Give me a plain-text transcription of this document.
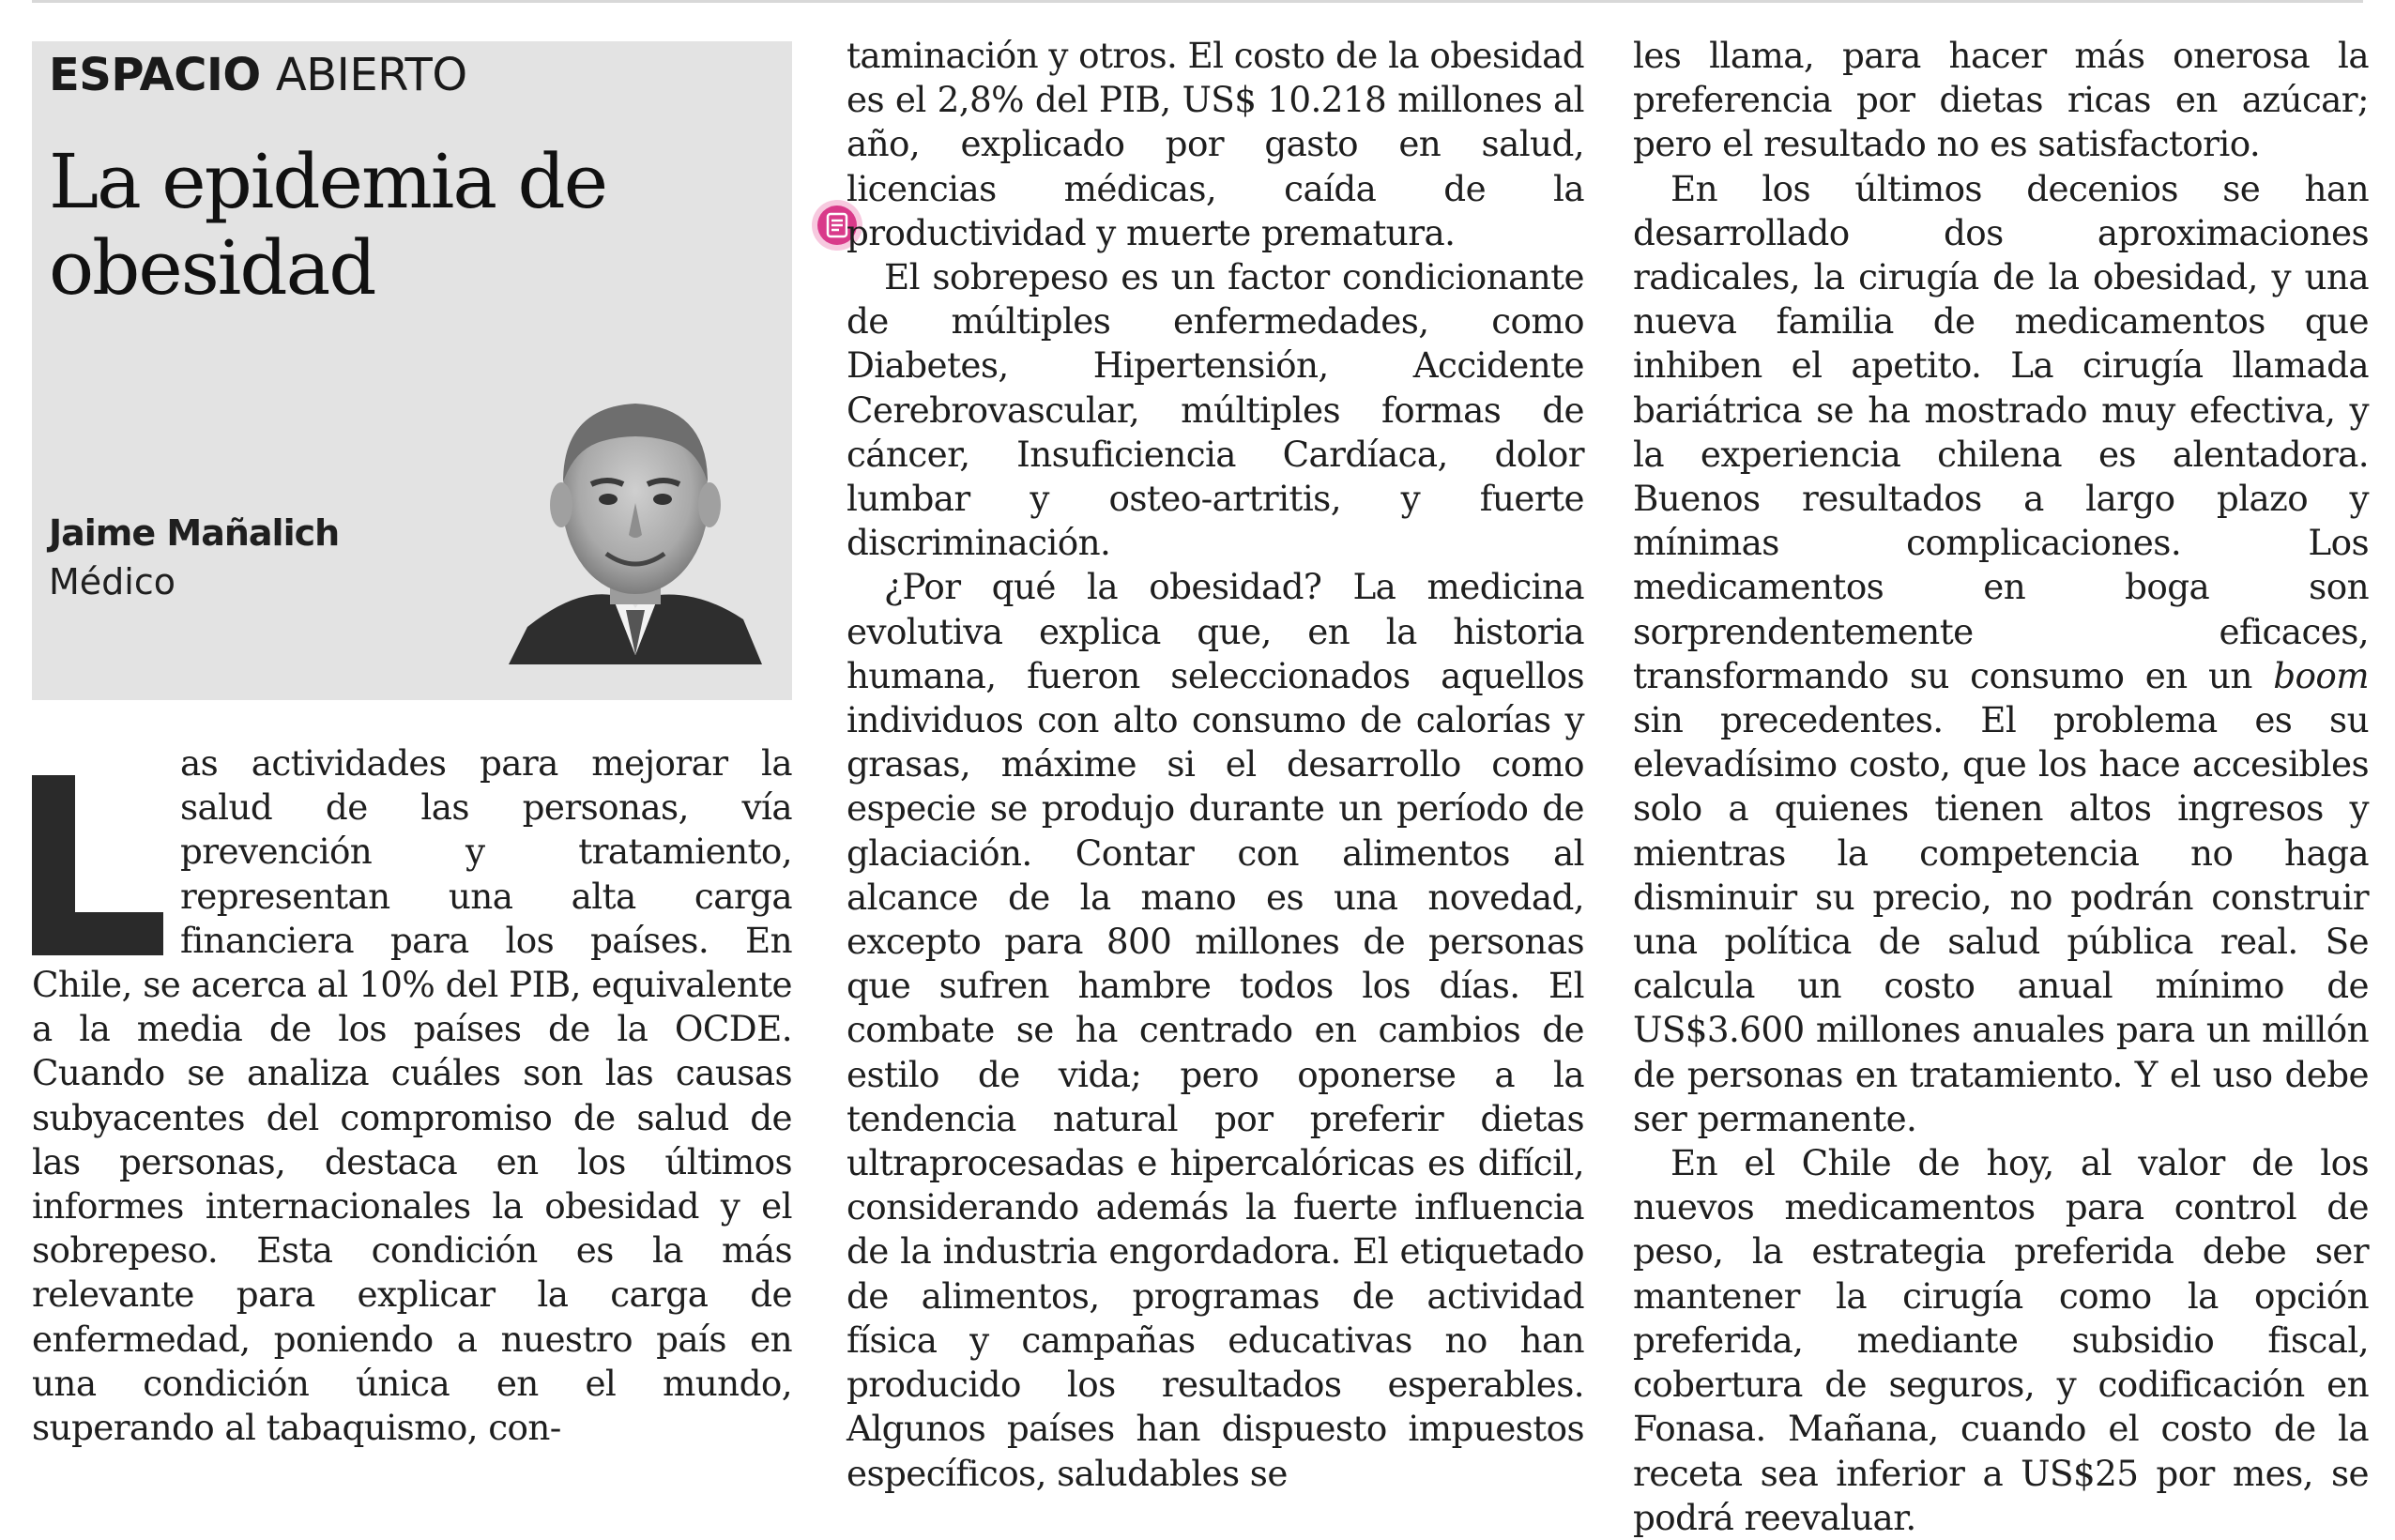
ESPACIO ABIERTO
La epidemia de
obesidad
Jaime Mañalich
Médico

as actividades para mejorar la salud de las personas, vía prevención y tratamiento, representan una alta carga financiera para los países. En Chile, se acerca al 10% del PIB, equivalente a la media de los países de la OCDE. Cuando se analiza cuáles son las causas subyacentes del compromiso de salud de las personas, destaca en los últimos informes internacionales la obesidad y el sobrepeso. Esta condición es la más relevante para explicar la carga de enfermedad, poniendo a nuestro país en una condición única en el mundo, superando al tabaquismo, con-

taminación y otros. El costo de la obesidad es el 2,8% del PIB, US$ 10.218 millones al año, explicado por gasto en salud, licencias médicas, caída de la productividad y muerte prematura.

El sobrepeso es un factor condicionante de múltiples enfermedades, como Diabetes, Hipertensión, Accidente Cerebrovascular, múltiples formas de cáncer, Insuficiencia Cardíaca, dolor lumbar y osteo-artritis, y fuerte discriminación.

¿Por qué la obesidad? La medicina evolutiva explica que, en la historia humana, fueron seleccionados aquellos individuos con alto consumo de calorías y grasas, máxime si el desarrollo como especie se produjo durante un período de glaciación. Contar con alimentos al alcance de la mano es una novedad, excepto para 800 millones de personas que sufren hambre todos los días. El combate se ha centrado en cambios de estilo de vida; pero oponerse a la tendencia natural por preferir dietas ultraprocesadas e hipercalóricas es difícil, considerando además la fuerte influencia de la industria engordadora. El etiquetado de alimentos, programas de actividad física y campañas educativas no han producido los resultados esperables. Algunos países han dispuesto impuestos específicos, saludables se

les llama, para hacer más onerosa la preferencia por dietas ricas en azúcar; pero el resultado no es satisfactorio.

En los últimos decenios se han desarrollado dos aproximaciones radicales, la cirugía de la obesidad, y una nueva familia de medicamentos que inhiben el apetito. La cirugía llamada bariátrica se ha mostrado muy efectiva, y la experiencia chilena es alentadora. Buenos resultados a largo plazo y mínimas complicaciones. Los medicamentos en boga son sorprendentemente eficaces, transformando su consumo en un boom sin precedentes. El problema es su elevadísimo costo, que los hace accesibles solo a quienes tienen altos ingresos y mientras la competencia no haga disminuir su precio, no podrán construir una política de salud pública real. Se calcula un costo anual mínimo de US$3.600 millones anuales para un millón de personas en tratamiento. Y el uso debe ser permanente.

En el Chile de hoy, al valor de los nuevos medicamentos para control de peso, la estrategia preferida debe ser mantener la cirugía como la opción preferida, mediante subsidio fiscal, cobertura de seguros, y codificación en Fonasa. Mañana, cuando el costo de la receta sea inferior a US$25 por mes, se podrá reevaluar.
